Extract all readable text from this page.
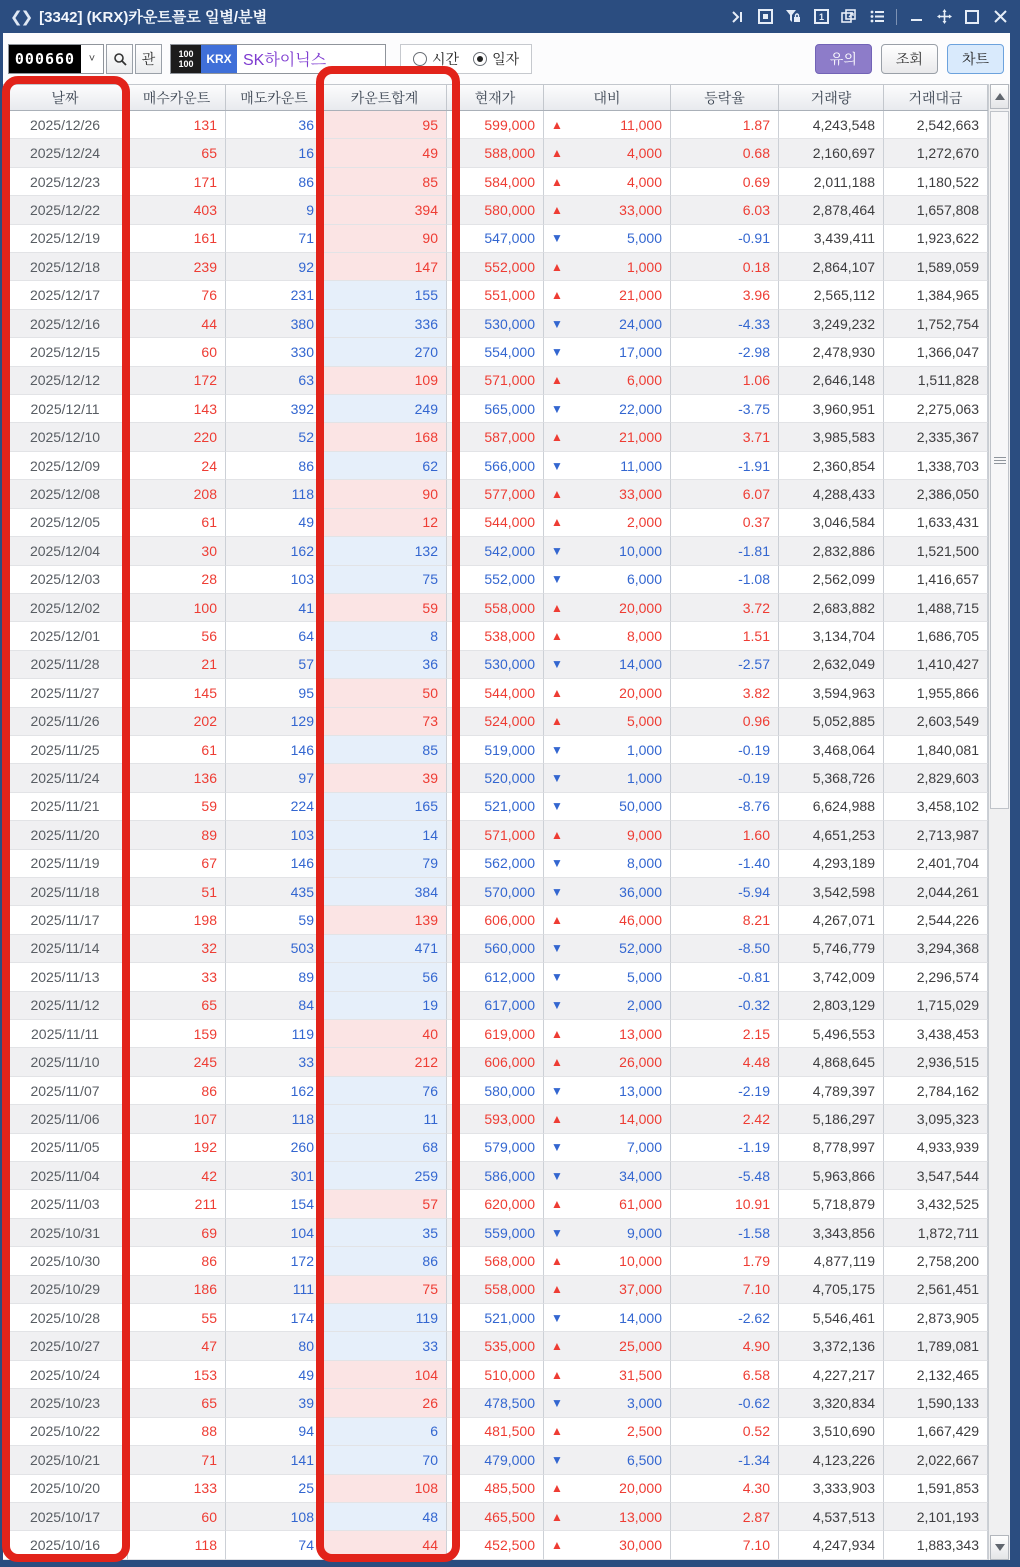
❮❯ [3342] (KRX)카운트플로 일별/분별	1
000660	˅	관	100
100	KRX SK하이닉스	시간 일자	유의	조회	차트
날짜	매수카운트	매도카운트	카운트합계	현재가	대비	등락율	거래량	거래대금
2025/12/26	131	36	95	599,000	▲	11,000	1.87	4,243,548	2,542,663
2025/12/24	65	16	49	588,000	▲	4,000	0.68	2,160,697	1,272,670
2025/12/23	171	86	85	584,000	▲	4,000	0.69	2,011,188	1,180,522
2025/12/22	403	9	394	580,000	▲	33,000	6.03	2,878,464	1,657,808
2025/12/19	161	71	90	547,000	▼	5,000	-0.91	3,439,411	1,923,622
2025/12/18	239	92	147	552,000	▲	1,000	0.18	2,864,107	1,589,059
2025/12/17	76	231	155	551,000	▲	21,000	3.96	2,565,112	1,384,965
2025/12/16	44	380	336	530,000	▼	24,000	-4.33	3,249,232	1,752,754
2025/12/15	60	330	270	554,000	▼	17,000	-2.98	2,478,930	1,366,047
2025/12/12	172	63	109	571,000	▲	6,000	1.06	2,646,148	1,511,828
2025/12/11	143	392	249	565,000	▼	22,000	-3.75	3,960,951	2,275,063
2025/12/10	220	52	168	587,000	▲	21,000	3.71	3,985,583	2,335,367
2025/12/09	24	86	62	566,000	▼	11,000	-1.91	2,360,854	1,338,703
2025/12/08	208	118	90	577,000	▲	33,000	6.07	4,288,433	2,386,050
2025/12/05	61	49	12	544,000	▲	2,000	0.37	3,046,584	1,633,431
2025/12/04	30	162	132	542,000	▼	10,000	-1.81	2,832,886	1,521,500
2025/12/03	28	103	75	552,000	▼	6,000	-1.08	2,562,099	1,416,657
2025/12/02	100	41	59	558,000	▲	20,000	3.72	2,683,882	1,488,715
2025/12/01	56	64	8	538,000	▲	8,000	1.51	3,134,704	1,686,705
2025/11/28	21	57	36	530,000	▼	14,000	-2.57	2,632,049	1,410,427
2025/11/27	145	95	50	544,000	▲	20,000	3.82	3,594,963	1,955,866
2025/11/26	202	129	73	524,000	▲	5,000	0.96	5,052,885	2,603,549
2025/11/25	61	146	85	519,000	▼	1,000	-0.19	3,468,064	1,840,081
2025/11/24	136	97	39	520,000	▼	1,000	-0.19	5,368,726	2,829,603
2025/11/21	59	224	165	521,000	▼	50,000	-8.76	6,624,988	3,458,102
2025/11/20	89	103	14	571,000	▲	9,000	1.60	4,651,253	2,713,987
2025/11/19	67	146	79	562,000	▼	8,000	-1.40	4,293,189	2,401,704
2025/11/18	51	435	384	570,000	▼	36,000	-5.94	3,542,598	2,044,261
2025/11/17	198	59	139	606,000	▲	46,000	8.21	4,267,071	2,544,226
2025/11/14	32	503	471	560,000	▼	52,000	-8.50	5,746,779	3,294,368
2025/11/13	33	89	56	612,000	▼	5,000	-0.81	3,742,009	2,296,574
2025/11/12	65	84	19	617,000	▼	2,000	-0.32	2,803,129	1,715,029
2025/11/11	159	119	40	619,000	▲	13,000	2.15	5,496,553	3,438,453
2025/11/10	245	33	212	606,000	▲	26,000	4.48	4,868,645	2,936,515
2025/11/07	86	162	76	580,000	▼	13,000	-2.19	4,789,397	2,784,162
2025/11/06	107	118	11	593,000	▲	14,000	2.42	5,186,297	3,095,323
2025/11/05	192	260	68	579,000	▼	7,000	-1.19	8,778,997	4,933,939
2025/11/04	42	301	259	586,000	▼	34,000	-5.48	5,963,866	3,547,544
2025/11/03	211	154	57	620,000	▲	61,000	10.91	5,718,879	3,432,525
2025/10/31	69	104	35	559,000	▼	9,000	-1.58	3,343,856	1,872,711
2025/10/30	86	172	86	568,000	▲	10,000	1.79	4,877,119	2,758,200
2025/10/29	186	111	75	558,000	▲	37,000	7.10	4,705,175	2,561,451
2025/10/28	55	174	119	521,000	▼	14,000	-2.62	5,546,461	2,873,905
2025/10/27	47	80	33	535,000	▲	25,000	4.90	3,372,136	1,789,081
2025/10/24	153	49	104	510,000	▲	31,500	6.58	4,227,217	2,132,465
2025/10/23	65	39	26	478,500	▼	3,000	-0.62	3,320,834	1,590,133
2025/10/22	88	94	6	481,500	▲	2,500	0.52	3,510,690	1,667,429
2025/10/21	71	141	70	479,000	▼	6,500	-1.34	4,123,226	2,022,667
2025/10/20	133	25	108	485,500	▲	20,000	4.30	3,333,903	1,591,853
2025/10/17	60	108	48	465,500	▲	13,000	2.87	4,537,513	2,101,193
2025/10/16	118	74	44	452,500	▲	30,000	7.10	4,247,934	1,883,343
